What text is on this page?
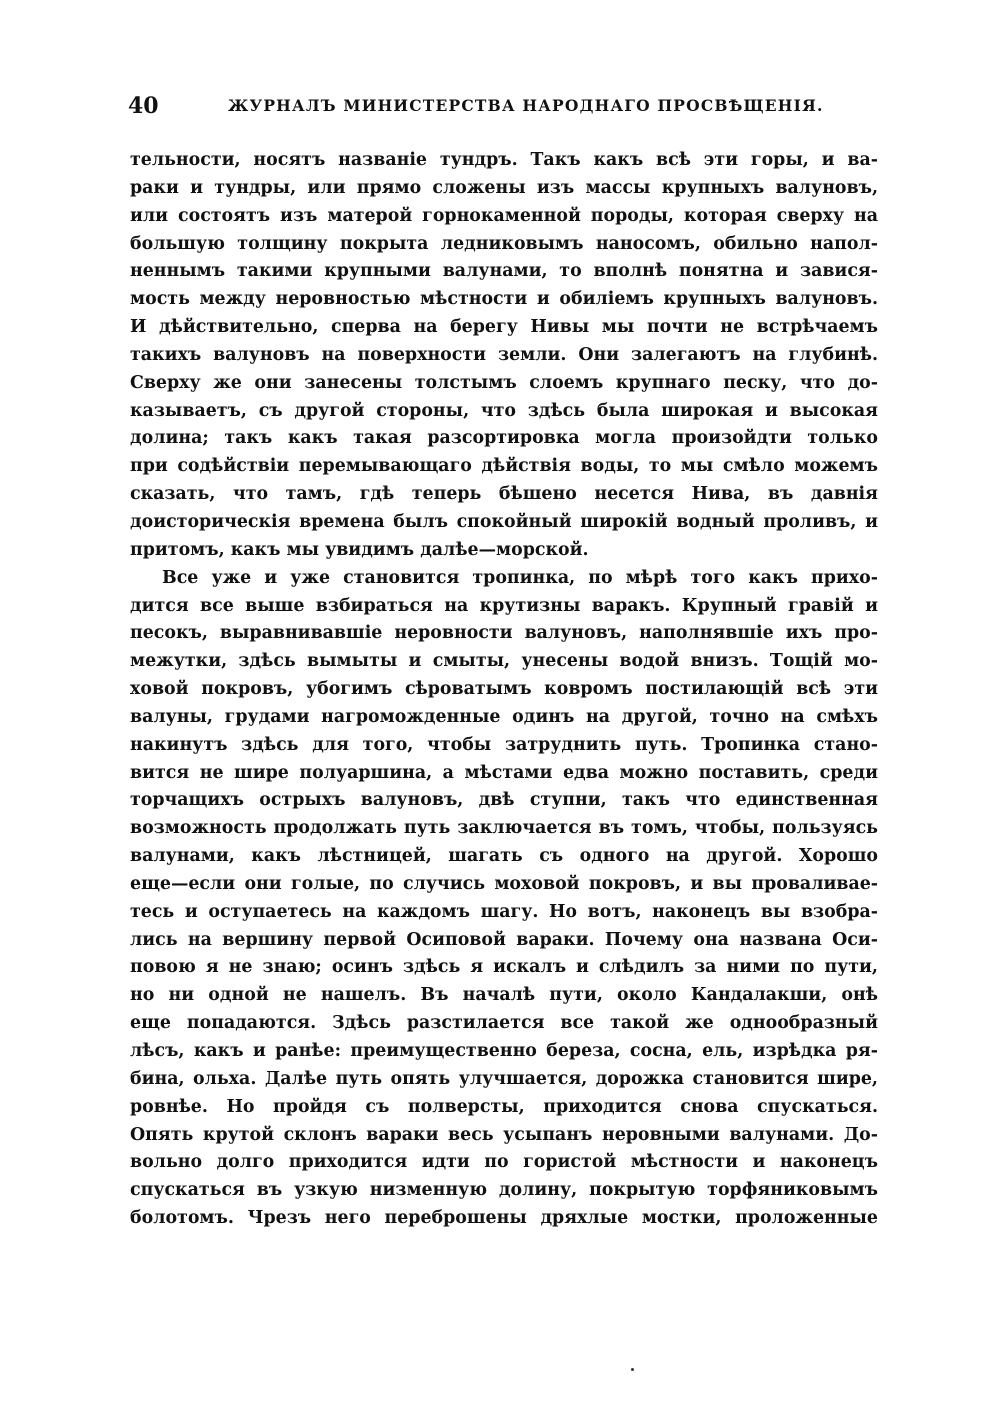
40	ЖУРНАЛЪ МИНИСТЕРСТВА НАРОДНАГО ПРОСВѢЩЕНІЯ.
тельности, носятъ названіе тундръ. Такъ какъ всѣ эти горы, и ва-
раки и тундры, или прямо сложены изъ массы крупныхъ валуновъ,
или состоятъ изъ матерой горнокаменной породы, которая сверху на
большую толщину покрыта ледниковымъ наносомъ, обильно напол-
неннымъ такими крупными валунами, то вполнѣ понятна и завися-
мость между неровностью мѣстности и обиліемъ крупныхъ валуновъ.
И дѣйствительно, сперва на берегу Нивы мы почти не встрѣчаемъ
такихъ валуновъ на поверхности земли. Они залегаютъ на глубинѣ.
Сверху же они занесены толстымъ слоемъ крупнаго песку, что до-
казываетъ, съ другой стороны, что здѣсь была широкая и высокая
долина; такъ какъ такая разсортировка могла произойдти только
при содѣйствіи перемывающаго дѣйствія воды, то мы смѣло можемъ
сказать, что тамъ, гдѣ теперь бѣшено несется Нива, въ давнія
доисторическія времена былъ спокойный широкій водный проливъ, и
притомъ, какъ мы увидимъ далѣе—морской.
Все уже и уже становится тропинка, по мѣрѣ того какъ прихо-
дится все выше взбираться на крутизны варакъ. Крупный гравій и
песокъ, выравнивавшіе неровности валуновъ, наполнявшіе ихъ про-
межутки, здѣсь вымыты и смыты, унесены водой внизъ. Тощій мо-
ховой покровъ, убогимъ сѣроватымъ ковромъ постилающій всѣ эти
валуны, грудами нагроможденные одинъ на другой, точно на смѣхъ
накинутъ здѣсь для того, чтобы затруднить путь. Тропинка стано-
вится не шире полуаршина, а мѣстами едва можно поставить, среди
торчащихъ острыхъ валуновъ, двѣ ступни, такъ что единственная
возможность продолжать путь заключается въ томъ, чтобы, пользуясь
валунами, какъ лѣстницей, шагать съ одного на другой. Хорошо
еще—если они голые, по случись моховой покровъ, и вы проваливае-
тесь и оступаетесь на каждомъ шагу. Но вотъ, наконецъ вы взобра-
лись на вершину первой Осиповой вараки. Почему она названа Оси-
повою я не знаю; осинъ здѣсь я искалъ и слѣдилъ за ними по пути,
но ни одной не нашелъ. Въ началѣ пути, около Кандалакши, онѣ
еще попадаются. Здѣсь разстилается все такой же однообразный
лѣсъ, какъ и ранѣе: преимущественно береза, сосна, ель, изрѣдка ря-
бина, ольха. Далѣе путь опять улучшается, дорожка становится шире,
ровнѣе. Но пройдя съ полверсты, приходится снова спускаться.
Опять крутой склонъ вараки весь усыпанъ неровными валунами. До-
вольно долго приходится идти по гористой мѣстности и наконецъ
спускаться въ узкую низменную долину, покрытую торфяниковымъ
болотомъ. Чрезъ него переброшены дряхлые мостки, проложенные
